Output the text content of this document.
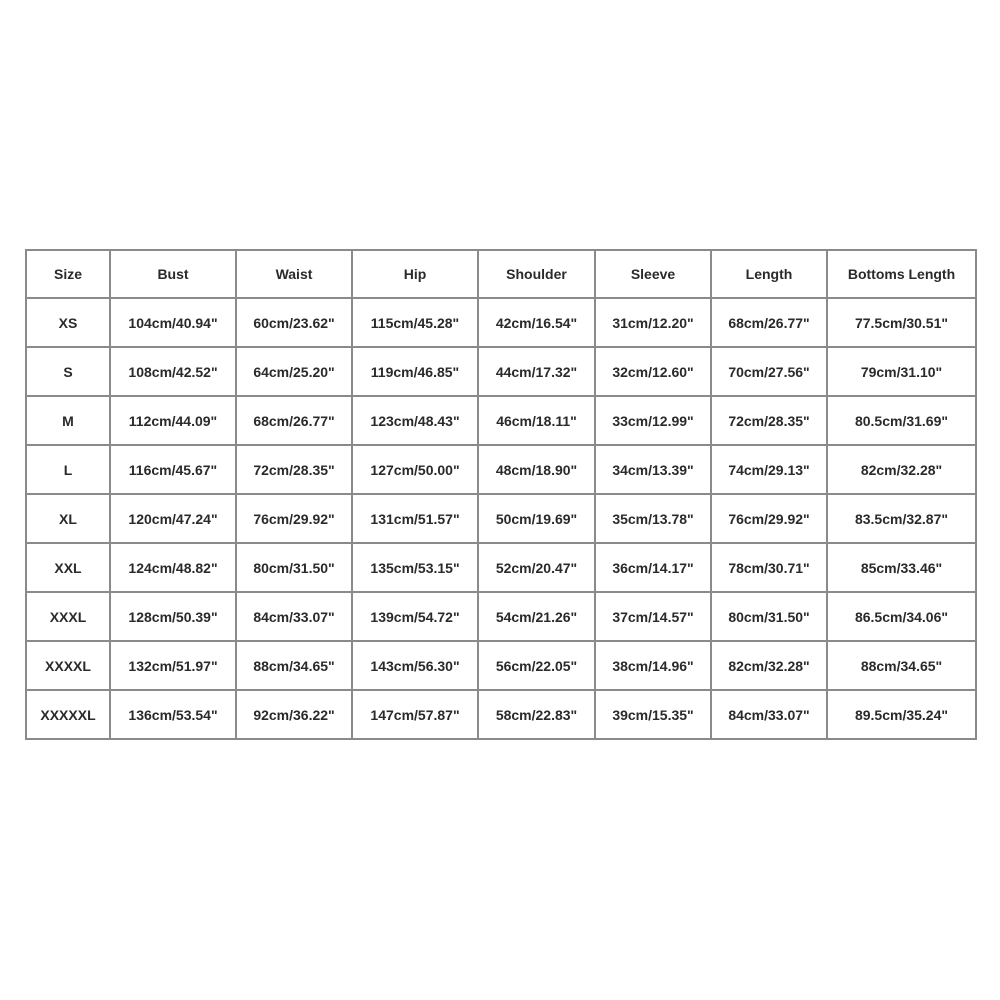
Size	Bust	Waist	Hip	Shoulder	Sleeve	Length	Bottoms Length
XS	104cm/40.94"	60cm/23.62"	115cm/45.28"	42cm/16.54"	31cm/12.20"	68cm/26.77"	77.5cm/30.51"
S	108cm/42.52"	64cm/25.20"	119cm/46.85"	44cm/17.32"	32cm/12.60"	70cm/27.56"	79cm/31.10"
M	112cm/44.09"	68cm/26.77"	123cm/48.43"	46cm/18.11"	33cm/12.99"	72cm/28.35"	80.5cm/31.69"
L	116cm/45.67"	72cm/28.35"	127cm/50.00"	48cm/18.90"	34cm/13.39"	74cm/29.13"	82cm/32.28"
XL	120cm/47.24"	76cm/29.92"	131cm/51.57"	50cm/19.69"	35cm/13.78"	76cm/29.92"	83.5cm/32.87"
XXL	124cm/48.82"	80cm/31.50"	135cm/53.15"	52cm/20.47"	36cm/14.17"	78cm/30.71"	85cm/33.46"
XXXL	128cm/50.39"	84cm/33.07"	139cm/54.72"	54cm/21.26"	37cm/14.57"	80cm/31.50"	86.5cm/34.06"
XXXXL	132cm/51.97"	88cm/34.65"	143cm/56.30"	56cm/22.05"	38cm/14.96"	82cm/32.28"	88cm/34.65"
XXXXXL	136cm/53.54"	92cm/36.22"	147cm/57.87"	58cm/22.83"	39cm/15.35"	84cm/33.07"	89.5cm/35.24"
